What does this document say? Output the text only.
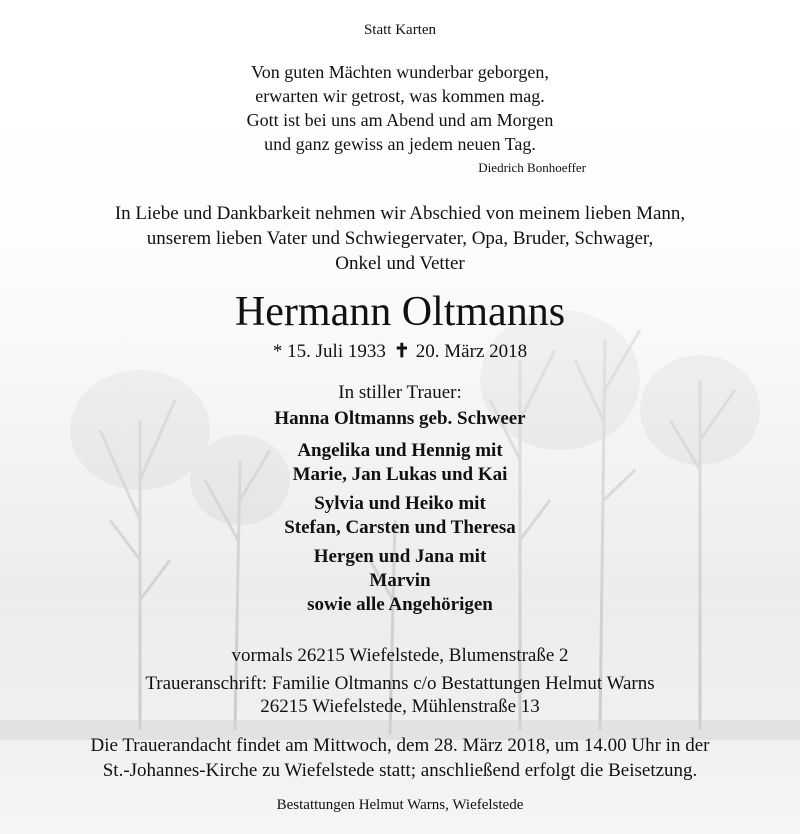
Statt Karten
Von guten Mächten wunderbar geborgen,
erwarten wir getrost, was kommen mag.
Gott ist bei uns am Abend und am Morgen
und ganz gewiss an jedem neuen Tag.
Diedrich Bonhoeffer
In Liebe und Dankbarkeit nehmen wir Abschied von meinem lieben Mann,
unserem lieben Vater und Schwiegervater, Opa, Bruder, Schwager,
Onkel und Vetter
Hermann Oltmanns
* 15. Juli 1933 ✝ 20. März 2018
In stiller Trauer:
Hanna Oltmanns geb. Schweer
Angelika und Hennig mit
Marie, Jan Lukas und Kai
Sylvia und Heiko mit
Stefan, Carsten und Theresa
Hergen und Jana mit
Marvin
sowie alle Angehörigen
vormals 26215 Wiefelstede, Blumenstraße 2
Traueranschrift: Familie Oltmanns c/o Bestattungen Helmut Warns
26215 Wiefelstede, Mühlenstraße 13
Die Trauerandacht findet am Mittwoch, dem 28. März 2018, um 14.00 Uhr in der
St.-Johannes-Kirche zu Wiefelstede statt; anschließend erfolgt die Beisetzung.
Bestattungen Helmut Warns, Wiefelstede
